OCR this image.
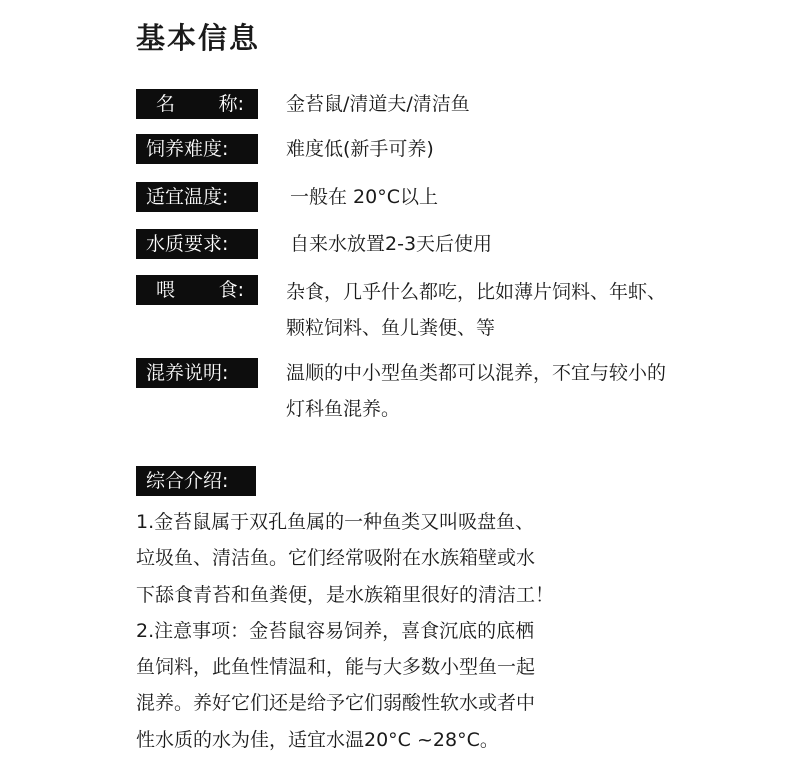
基本信息
名 称: 金苔鼠/清道夫/清洁鱼
饲养难度:	难度低(新手可养)
适宜温度:	一般在 20°C以上
水质要求:	自来水放置2-3天后使用
喂 食: 杂食，几乎什么都吃，比如薄片饲料、年虾、
颗粒饲料、鱼儿粪便、等
混养说明:	温顺的中小型鱼类都可以混养，不宜与较小的
灯科鱼混养。
综合介绍:
1.金苔鼠属于双孔鱼属的一种鱼类又叫吸盘鱼、
垃圾鱼、清洁鱼。它们经常吸附在水族箱壁或水
下舔食青苔和鱼粪便，是水族箱里很好的清洁工！
2.注意事项：金苔鼠容易饲养，喜食沉底的底栖
鱼饲料，此鱼性情温和，能与大多数小型鱼一起
混养。养好它们还是给予它们弱酸性软水或者中
性水质的水为佳，适宜水温20°C ~28°C。
